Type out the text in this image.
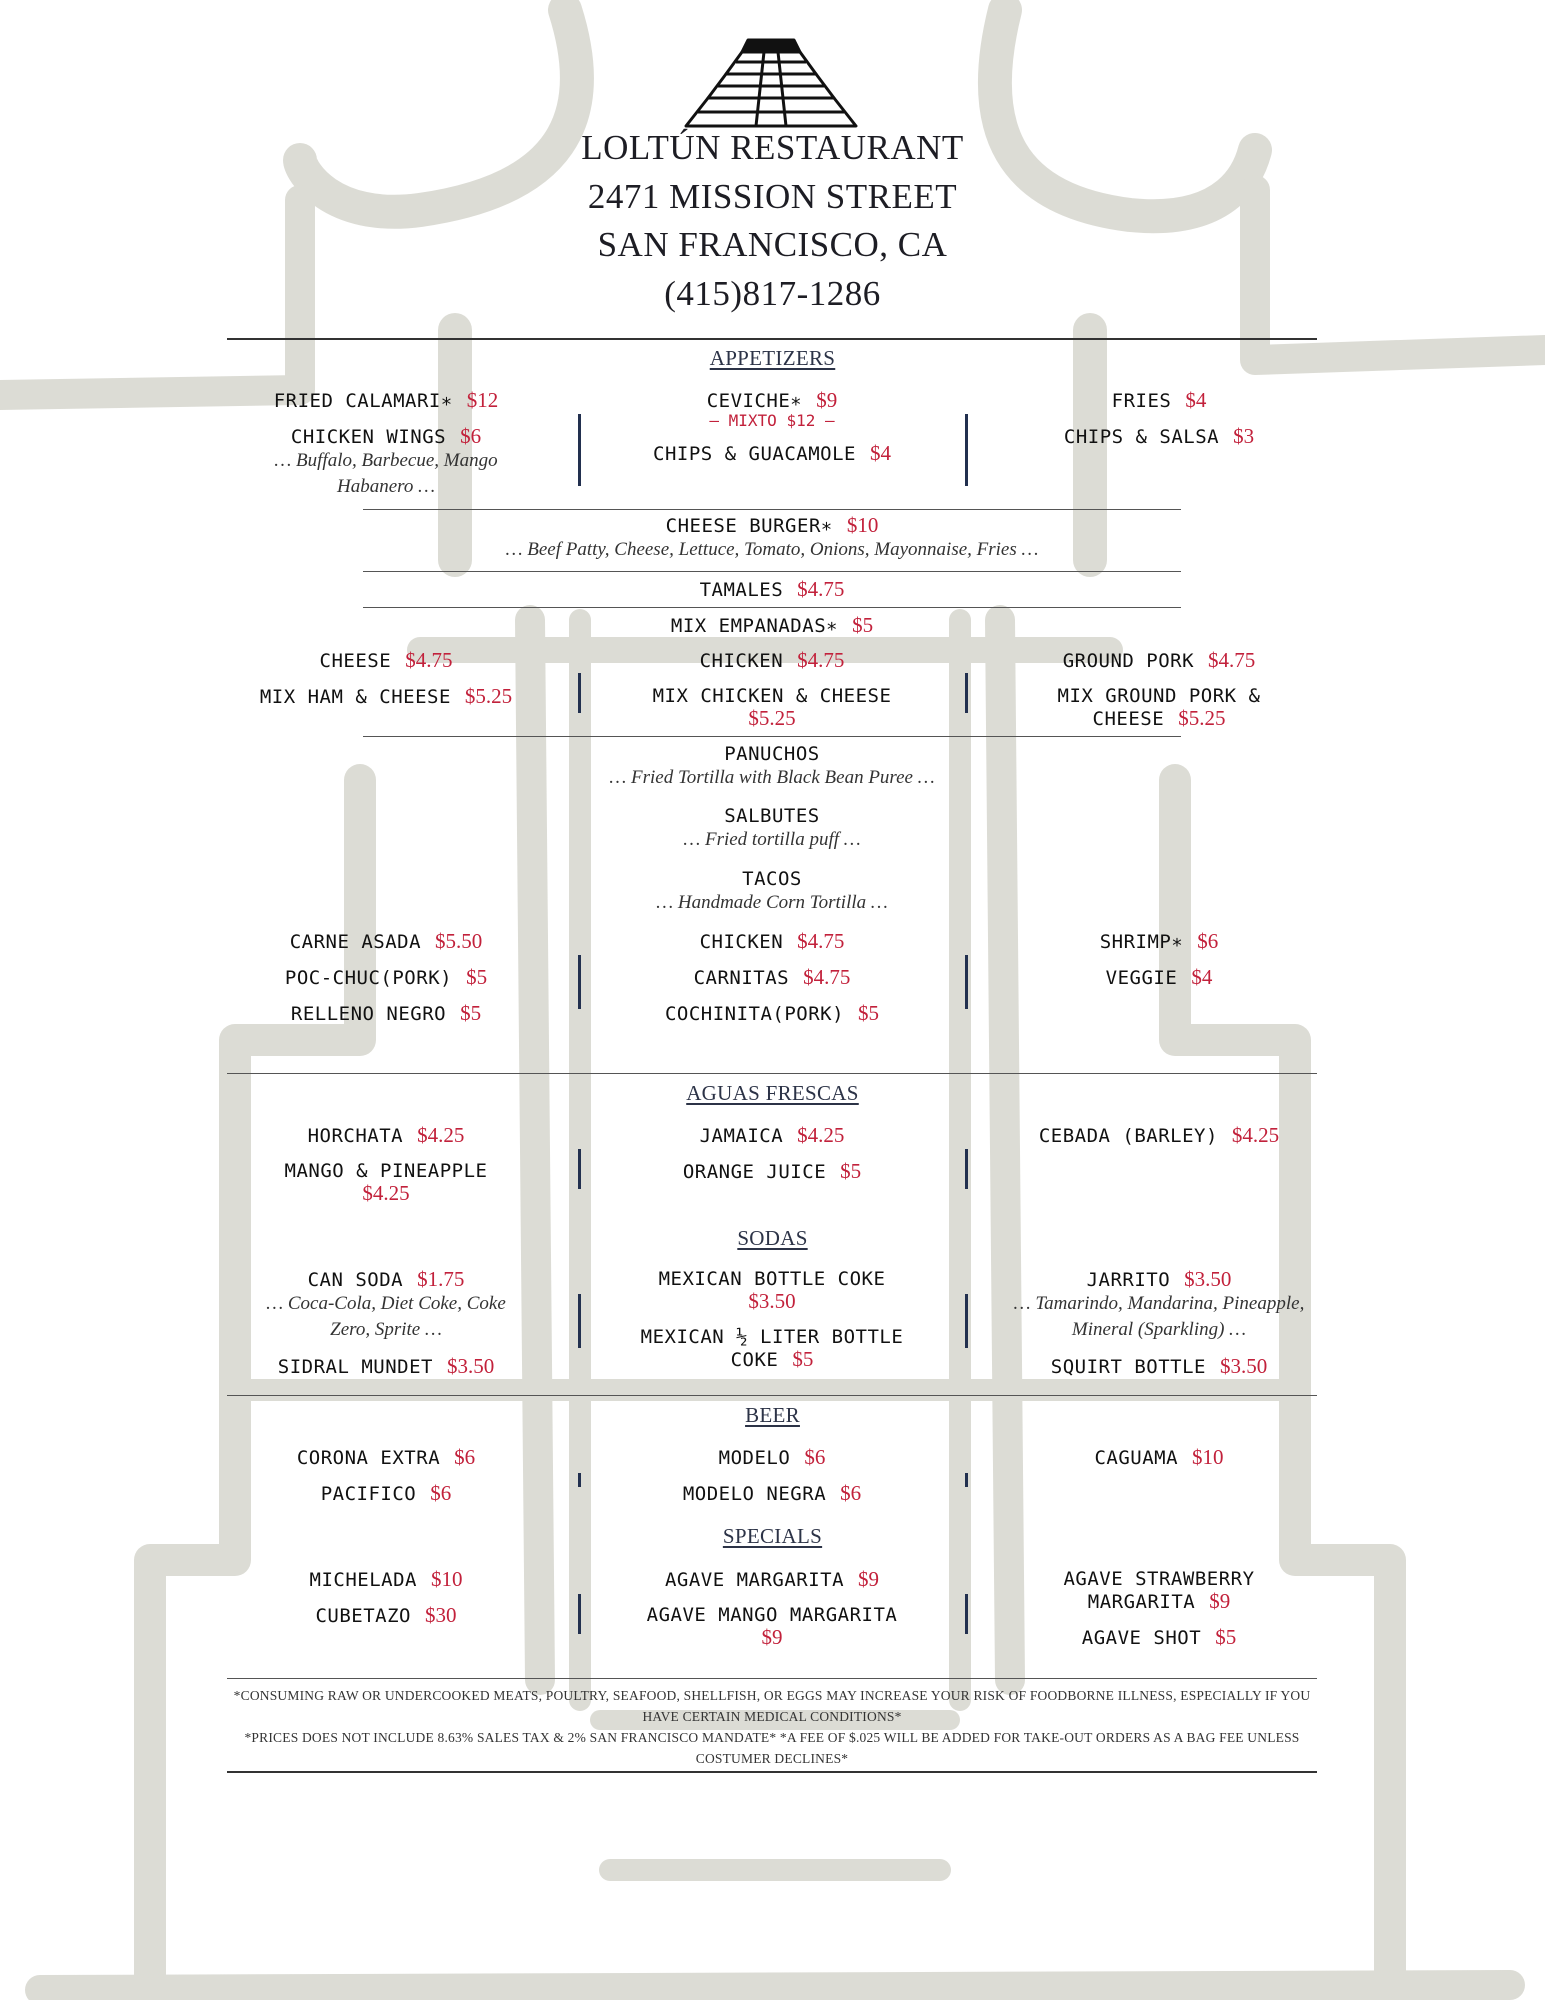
LOLTÚN RESTAURANT
2471 MISSION STREET
SAN FRANCISCO, CA
(415)817-1286
APPETIZERS

FRIED CALAMARI∗ $12

CHICKEN WINGS $6

… Buffalo, Barbecue, Mango Habanero …

CEVICHE∗ $9

— MIXTO $12 —

CHIPS & GUACAMOLE $4

FRIES $4

CHIPS & SALSA $3

CHEESE BURGER∗ $10

… Beef Patty, Cheese, Lettuce, Tomato, Onions, Mayonnaise, Fries …

TAMALES $4.75

MIX EMPANADAS∗ $5

CHEESE $4.75

MIX HAM & CHEESE $5.25

CHICKEN $4.75

MIX CHICKEN & CHEESE
$5.25

GROUND PORK $4.75

MIX GROUND PORK & CHEESE $5.25

PANUCHOS

… Fried Tortilla with Black Bean Puree …

SALBUTES

… Fried tortilla puff …

TACOS

… Handmade Corn Tortilla …

CARNE ASADA $5.50

POC-CHUC(PORK) $5

RELLENO NEGRO $5

CHICKEN $4.75

CARNITAS $4.75

COCHINITA(PORK) $5

SHRIMP∗ $6

VEGGIE $4

AGUAS FRESCAS

HORCHATA $4.25

MANGO & PINEAPPLE
$4.25

JAMAICA $4.25

ORANGE JUICE $5

CEBADA (BARLEY) $4.25

SODAS

CAN SODA $1.75

… Coca-Cola, Diet Coke, Coke Zero, Sprite …

SIDRAL MUNDET $3.50

MEXICAN BOTTLE COKE
$3.50

MEXICAN ½ LITER BOTTLE COKE $5

JARRITO $3.50

… Tamarindo, Mandarina, Pineapple, Mineral (Sparkling) …

SQUIRT BOTTLE $3.50

BEER

CORONA EXTRA $6

PACIFICO $6

MODELO $6

MODELO NEGRA $6

CAGUAMA $10

SPECIALS

MICHELADA $10

CUBETAZO $30

AGAVE MARGARITA $9

AGAVE MANGO MARGARITA
$9

AGAVE STRAWBERRY MARGARITA $9

AGAVE SHOT $5

*CONSUMING RAW OR UNDERCOOKED MEATS, POULTRY, SEAFOOD, SHELLFISH, OR EGGS MAY INCREASE YOUR RISK OF FOODBORNE ILLNESS, ESPECIALLY IF YOU HAVE CERTAIN MEDICAL CONDITIONS*
*PRICES DOES NOT INCLUDE 8.63% SALES TAX & 2% SAN FRANCISCO MANDATE* *A FEE OF $.025 WILL BE ADDED FOR TAKE-OUT ORDERS AS A BAG FEE UNLESS COSTUMER DECLINES*
